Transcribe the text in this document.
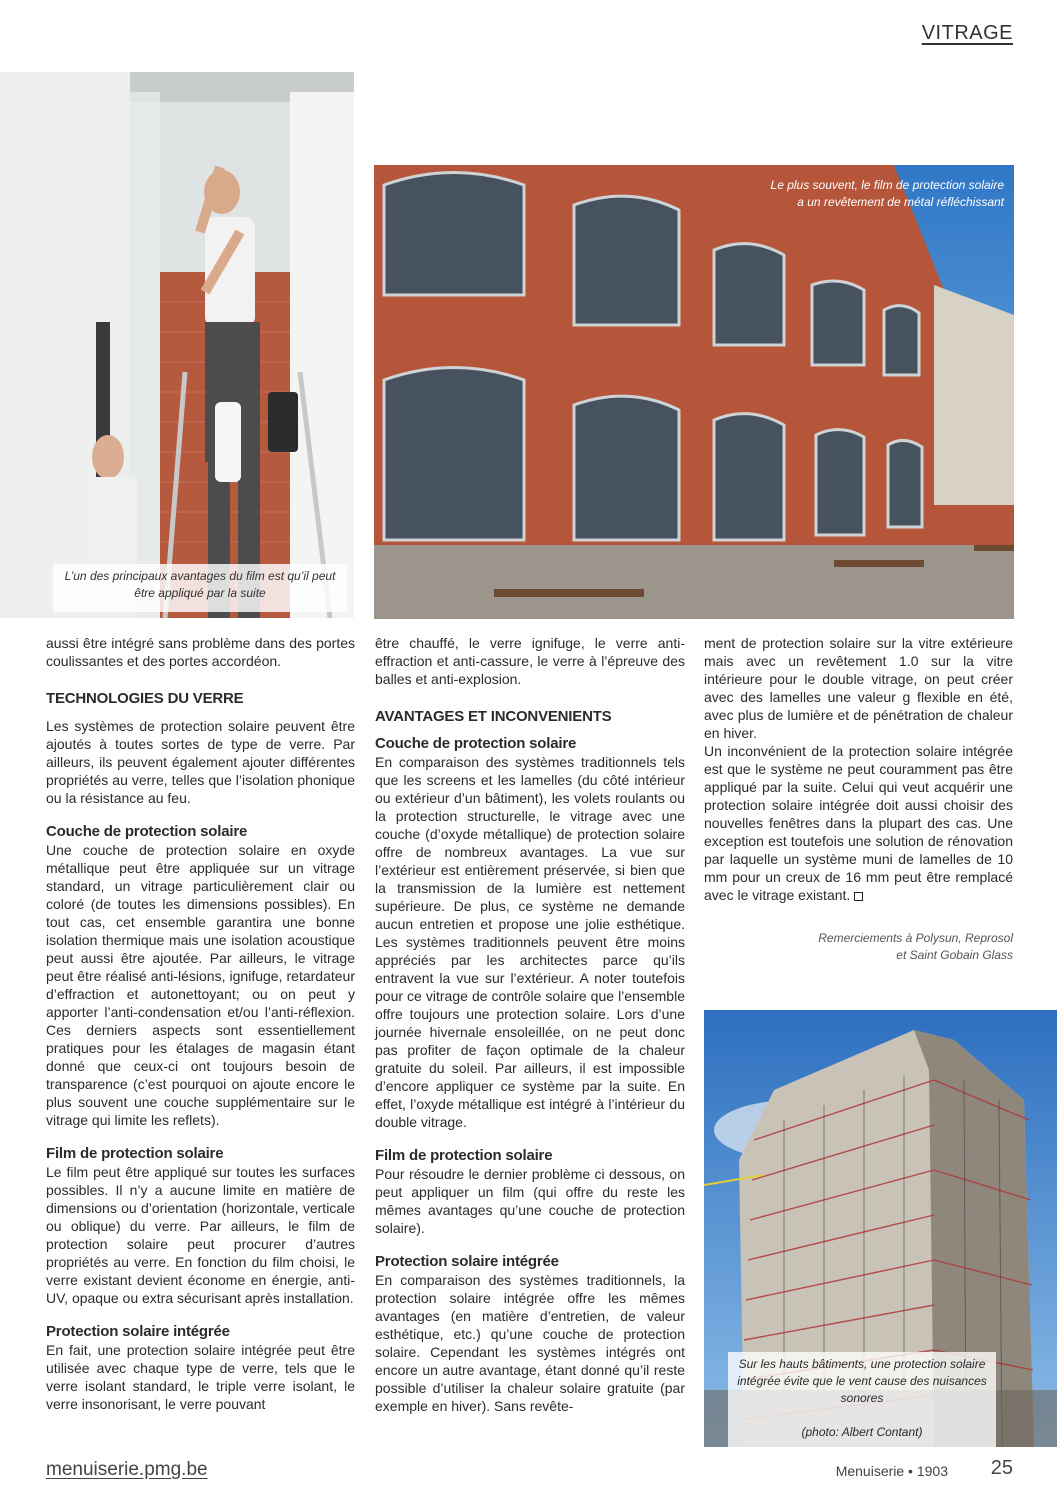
VITRAGE
L’un des principaux avantages du film est qu’il peut être appliqué par la suite
Le plus souvent, le film de protection solaire a un revêtement de métal réfléchissant
Sur les hauts bâtiments, une protection solaire intégrée évite que le vent cause des nuisances sonores

(photo: Albert Contant)

aussi être intégré sans problème dans des portes coulissantes et des portes accordéon.

TECHNOLOGIES DU VERRE

Les systèmes de protection solaire peuvent être ajoutés à toutes sortes de type de verre. Par ailleurs, ils peuvent également ajouter différentes propriétés au verre, telles que l’isolation phonique ou la résistance au feu.

Couche de protection solaire

Une couche de protection solaire en oxyde métallique peut être appliquée sur un vitrage standard, un vitrage particulièrement clair ou coloré (de toutes les dimensions possibles). En tout cas, cet ensemble garantira une bonne isolation thermique mais une isolation acoustique peut aussi être ajoutée. Par ailleurs, le vitrage peut être réalisé anti-lésions, ignifuge, retardateur d’effraction et autonettoyant; ou on peut y apporter l’anti-condensation et/ou l’anti-réflexion. Ces derniers aspects sont essentiellement pratiques pour les étalages de magasin étant donné que ceux-ci ont toujours besoin de transparence (c’est pourquoi on ajoute encore le plus souvent une couche supplémentaire sur le vitrage qui limite les reflets).

Film de protection solaire

Le film peut être appliqué sur toutes les surfaces possibles. Il n’y a aucune limite en matière de dimensions ou d’orientation (horizontale, verticale ou oblique) du verre. Par ailleurs, le film de protection solaire peut procurer d’autres propriétés au verre. En fonction du film choisi, le verre existant devient économe en énergie, anti-UV, opaque ou extra sécurisant après installation.

Protection solaire intégrée

En fait, une protection solaire intégrée peut être utilisée avec chaque type de verre, tels que le verre isolant standard, le triple verre isolant, le verre insonorisant, le verre pouvant

être chauffé, le verre ignifuge, le verre anti-effraction et anti-cassure, le verre à l’épreuve des balles et anti-explosion.

AVANTAGES ET INCONVENIENTS
Couche de protection solaire

En comparaison des systèmes traditionnels tels que les screens et les lamelles (du côté intérieur ou extérieur d’un bâtiment), les volets roulants ou la protection structurelle, le vitrage avec une couche (d’oxyde métallique) de protection solaire offre de nombreux avantages. La vue sur l’extérieur est entièrement préservée, si bien que la transmission de la lumière est nettement supérieure. De plus, ce système ne demande aucun entretien et propose une jolie esthétique. Les systèmes traditionnels peuvent être moins appréciés par les architectes parce qu’ils entravent la vue sur l’extérieur. A noter toutefois pour ce vitrage de contrôle solaire que l’ensemble offre toujours une protection solaire. Lors d’une journée hivernale ensoleillée, on ne peut donc pas profiter de façon optimale de la chaleur gratuite du soleil. Par ailleurs, il est impossible d’encore appliquer ce système par la suite. En effet, l’oxyde métallique est intégré à l’intérieur du double vitrage.

Film de protection solaire

Pour résoudre le dernier problème ci dessous, on peut appliquer un film (qui offre du reste les mêmes avantages qu’une couche de protection solaire).

Protection solaire intégrée

En comparaison des systèmes traditionnels, la protection solaire intégrée offre les mêmes avantages (en matière d’entretien, de valeur esthétique, etc.) qu’une couche de protection solaire. Cependant les systèmes intégrés ont encore un autre avantage, étant donné qu’il reste possible d’utiliser la chaleur solaire gratuite (par exemple en hiver). Sans revête-

ment de protection solaire sur la vitre extérieure mais avec un revêtement 1.0 sur la vitre intérieure pour le double vitrage, on peut créer avec des lamelles une valeur g flexible en été, avec plus de lumière et de pénétration de chaleur en hiver.

Un inconvénient de la protection solaire intégrée est que le système ne peut couramment pas être appliqué par la suite. Celui qui veut acquérir une protection solaire intégrée doit aussi choisir des nouvelles fenêtres dans la plupart des cas. Une exception est toutefois une solution de rénovation par laquelle un système muni de lamelles de 10 mm pour un creux de 16 mm peut être remplacé avec le vitrage existant.

Remerciements à Polysun, Reprosol
et Saint Gobain Glass
menuiserie.pmg.be	Menuiserie • 1903 25
